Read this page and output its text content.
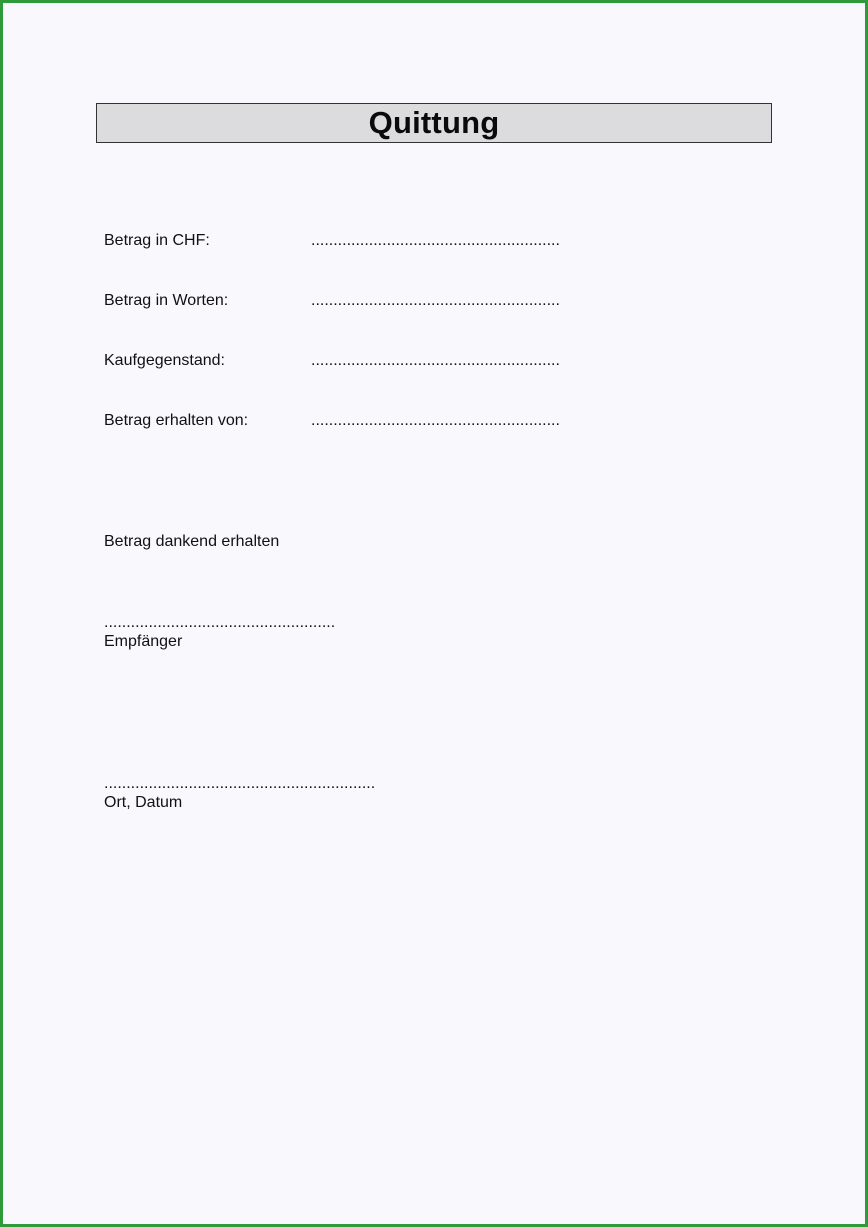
Quittung
Betrag in CHF:	........................................................
Betrag in Worten:	........................................................
Kaufgegenstand:	........................................................
Betrag erhalten von:	........................................................
Betrag dankend erhalten
....................................................
Empfänger
.............................................................
Ort, Datum
